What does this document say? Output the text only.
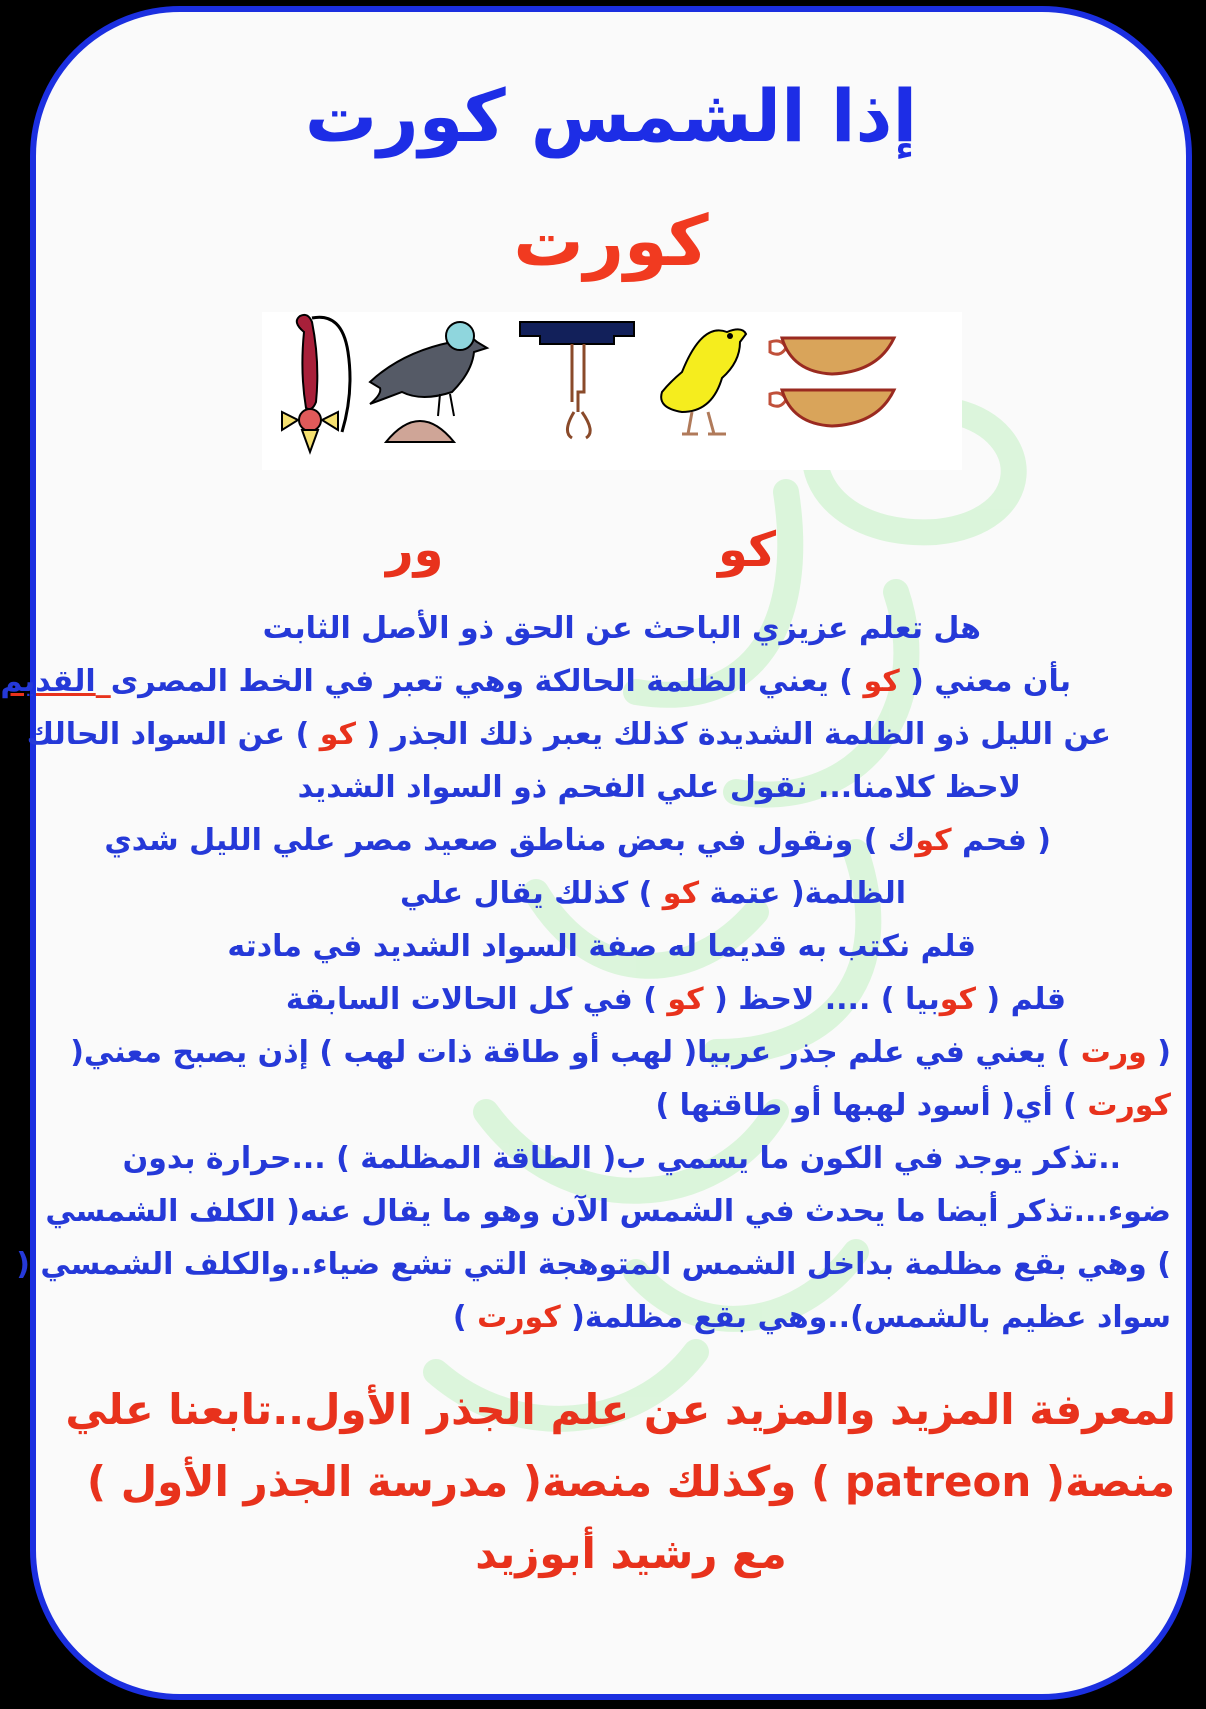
إذا الشمس كورت
كورت
كو
ور
هل تعلم عزيزي الباحث عن الحق ذو الأصل الثابت
بأن معني ( كو ) يعني الظلمة الحالكة وهي تعبر في الخط المصرى_القديم
عن الليل ذو الظلمة الشديدة كذلك يعبر ذلك الجذر ( كو ) عن السواد الحالك
لاحظ كلامنا... نقول علي الفحم ذو السواد الشديد
( فحم كوك ) ونقول في بعض مناطق صعيد مصر علي الليل شدي
الظلمة( عتمة كو ) كذلك يقال علي
قلم نكتب به قديما له صفة السواد الشديد في مادته
قلم ( كوبيا ) .... لاحظ ( كو ) في كل الحالات السابقة
( ورت ) يعني في علم جذر عربيا( لهب أو طاقة ذات لهب ) إذن يصبح معني(
كورت ) أي( أسود لهبها أو طاقتها )
..تذكر يوجد في الكون ما يسمي ب( الطاقة المظلمة ) ...حرارة بدون
ضوء...تذكر أيضا ما يحدث في الشمس الآن وهو ما يقال عنه( الكلف الشمسي
) وهي بقع مظلمة بداخل الشمس المتوهجة التي تشع ضياء..والكلف الشمسي (
سواد عظيم بالشمس)..وهي بقع مظلمة( كورت )
لمعرفة المزيد والمزيد عن علم الجذر الأول..تابعنا علي
منصة( patreon ) وكذلك منصة( مدرسة الجذر الأول )
مع رشيد أبوزيد
